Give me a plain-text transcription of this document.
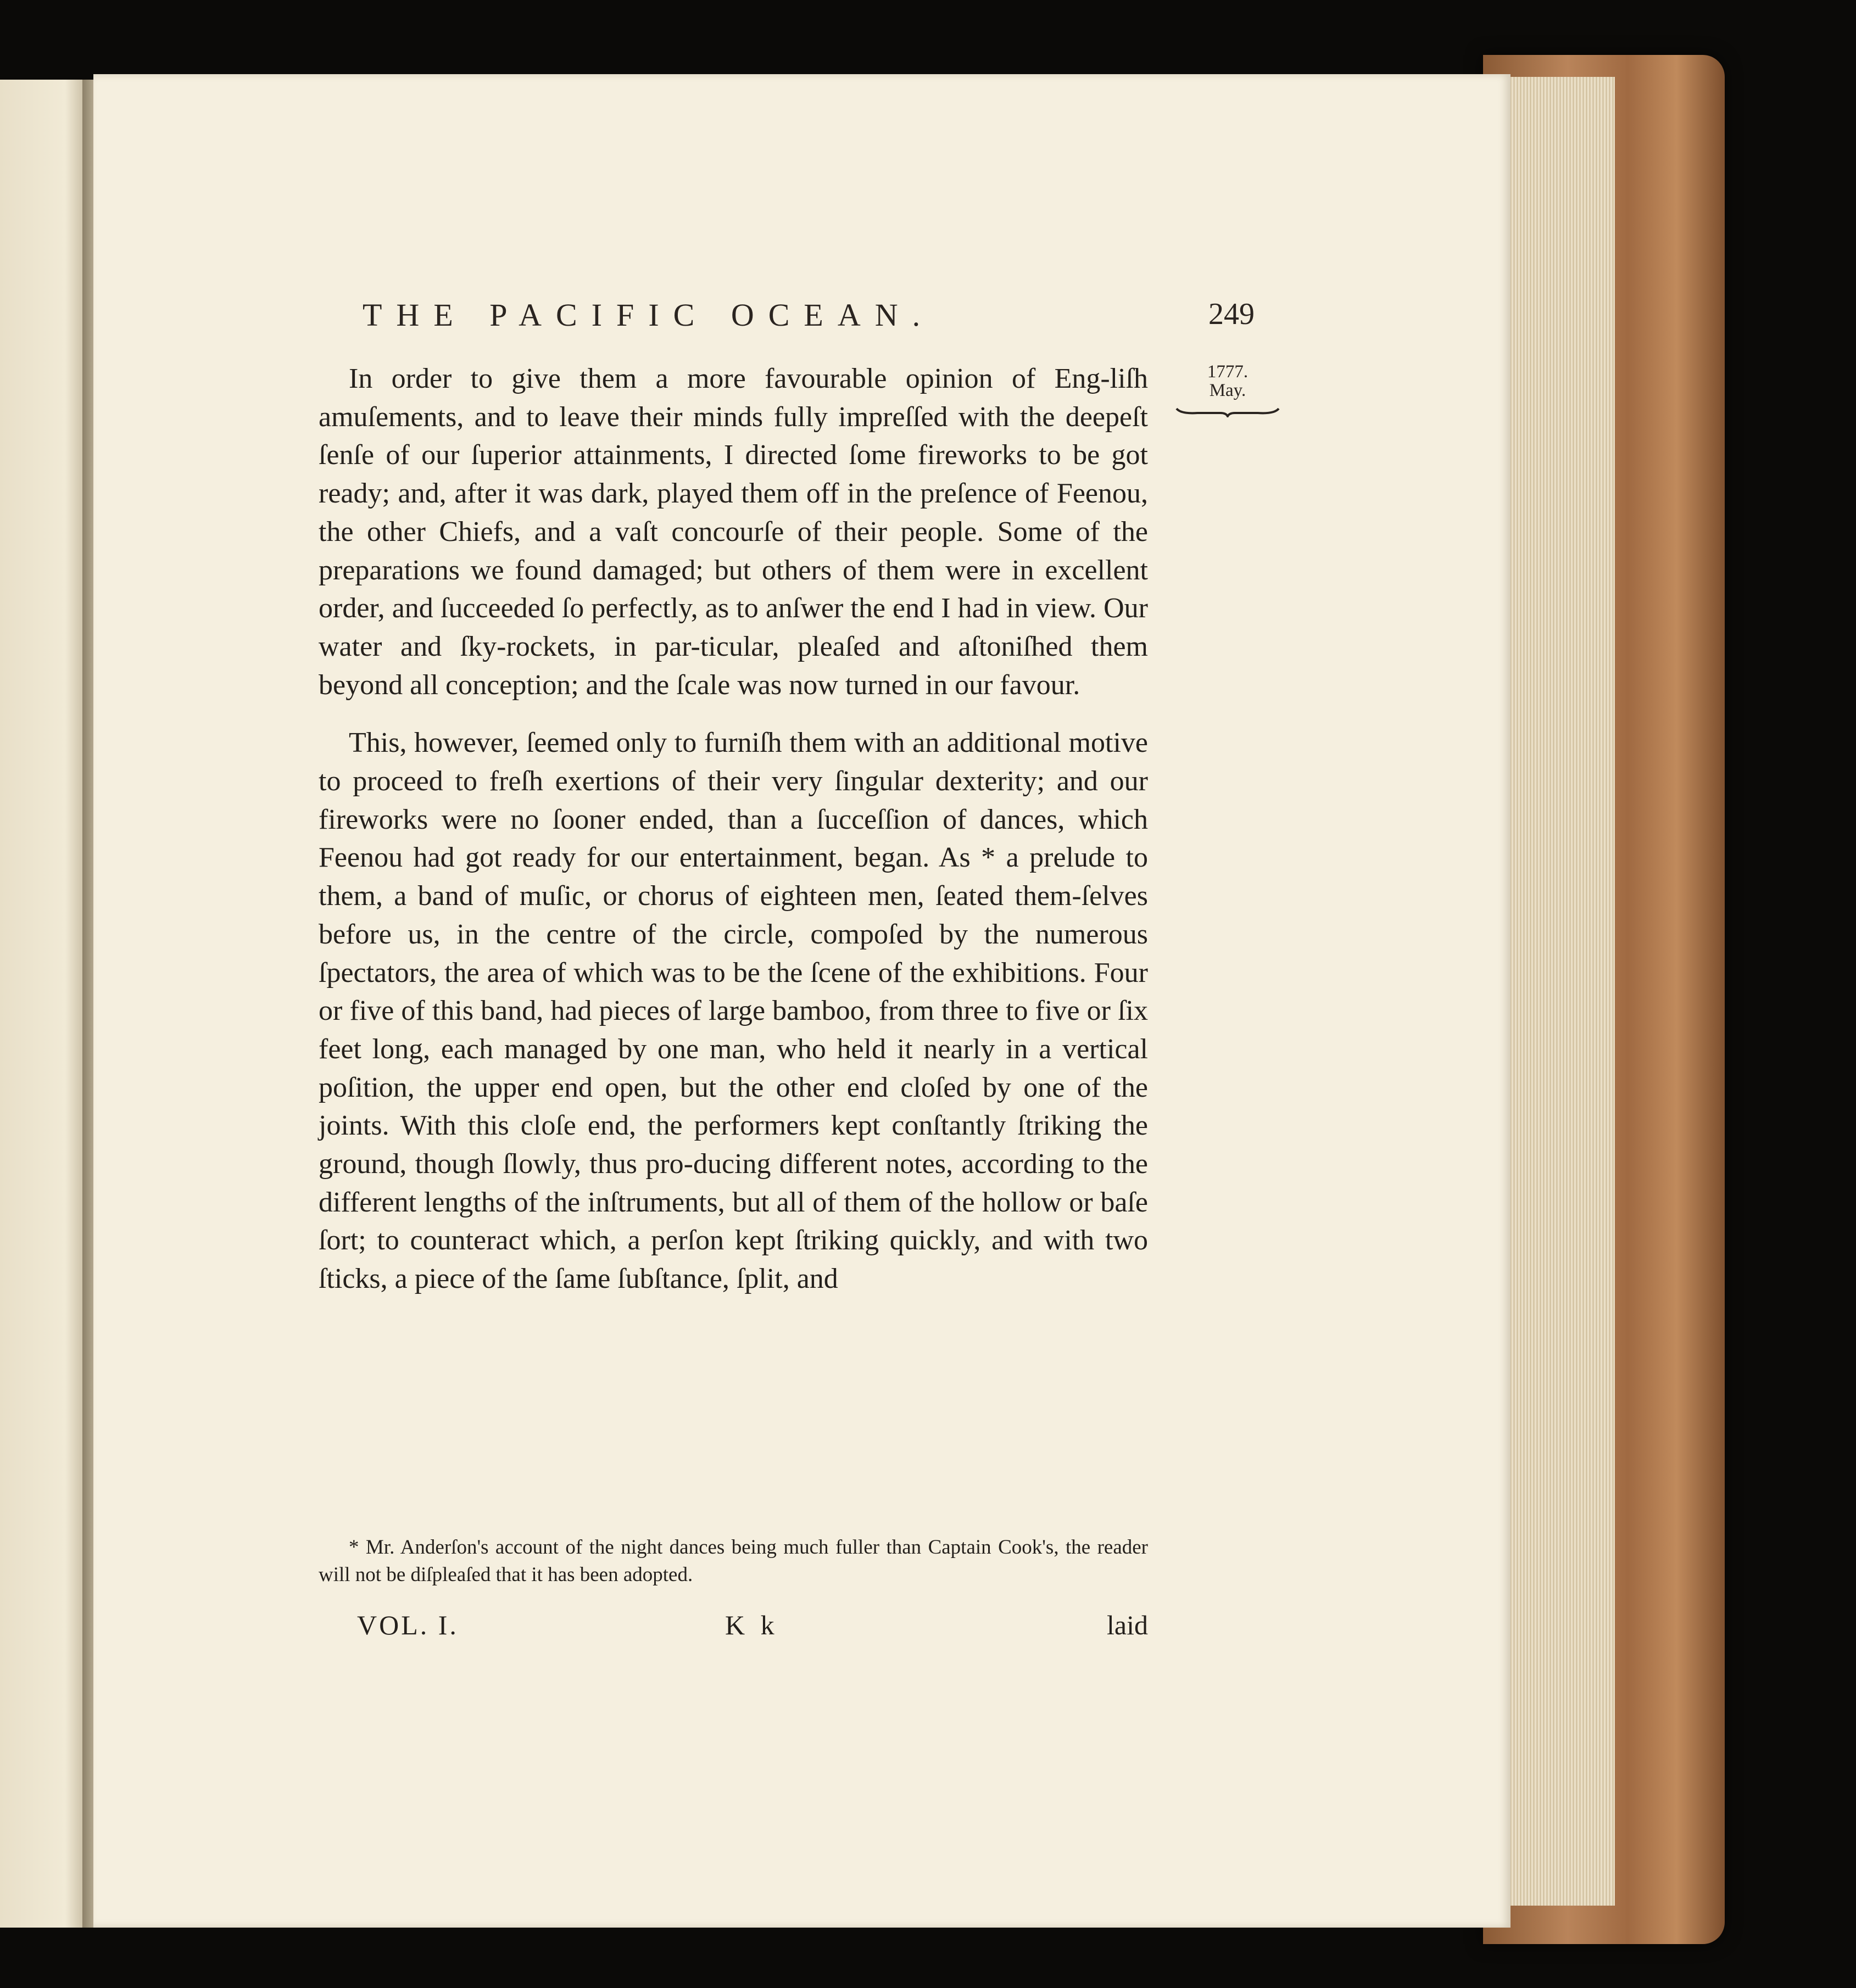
THE PACIFIC OCEAN.	249
1777.
May.

In order to give them a more favourable opinion of Eng-liſh amuſements, and to leave their minds fully impreſſed with the deepeſt ſenſe of our ſuperior attainments, I directed ſome fireworks to be got ready; and, after it was dark, played them off in the preſence of Feenou, the other Chiefs, and a vaſt concourſe of their people. Some of the preparations we found damaged; but others of them were in excellent order, and ſucceeded ſo perfectly, as to anſwer the end I had in view. Our water and ſky-rockets, in par-ticular, pleaſed and aſtoniſhed them beyond all conception; and the ſcale was now turned in our favour.

This, however, ſeemed only to furniſh them with an additional motive to proceed to freſh exertions of their very ſingular dexterity; and our fireworks were no ſooner ended, than a ſucceſſion of dances, which Feenou had got ready for our entertainment, began. As * a prelude to them, a band of muſic, or chorus of eighteen men, ſeated them-ſelves before us, in the centre of the circle, compoſed by the numerous ſpectators, the area of which was to be the ſcene of the exhibitions. Four or five of this band, had pieces of large bamboo, from three to five or ſix feet long, each managed by one man, who held it nearly in a vertical poſition, the upper end open, but the other end cloſed by one of the joints. With this cloſe end, the performers kept conſtantly ſtriking the ground, though ſlowly, thus pro-ducing different notes, according to the different lengths of the inſtruments, but all of them of the hollow or baſe ſort; to counteract which, a perſon kept ſtriking quickly, and with two ſticks, a piece of the ſame ſubſtance, ſplit, and

* Mr. Anderſon's account of the night dances being much fuller than Captain Cook's, the reader will not be diſpleaſed that it has been adopted.

VOL. I.	K k	laid
